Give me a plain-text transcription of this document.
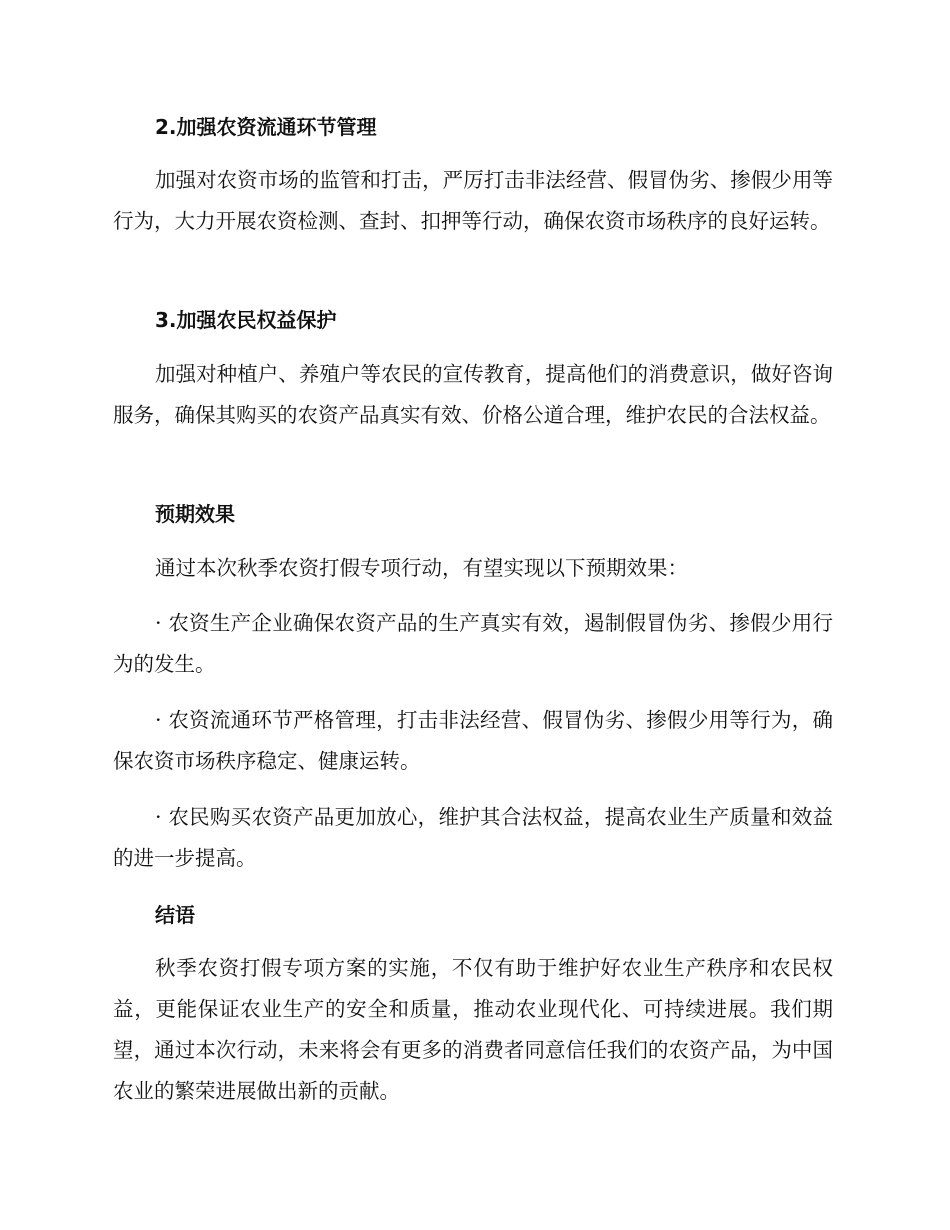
2.加强农资流通环节管理

加强对农资市场的监管和打击，严厉打击非法经营、假冒伪劣、掺假少用等行为，大力开展农资检测、查封、扣押等行动，确保农资市场秩序的良好运转。

3.加强农民权益保护

加强对种植户、养殖户等农民的宣传教育，提高他们的消费意识，做好咨询服务，确保其购买的农资产品真实有效、价格公道合理，维护农民的合法权益。

预期效果

通过本次秋季农资打假专项行动，有望实现以下预期效果：

· 农资生产企业确保农资产品的生产真实有效，遏制假冒伪劣、掺假少用行为的发生。

· 农资流通环节严格管理，打击非法经营、假冒伪劣、掺假少用等行为，确保农资市场秩序稳定、健康运转。

· 农民购买农资产品更加放心，维护其合法权益，提高农业生产质量和效益的进一步提高。

结语

秋季农资打假专项方案的实施，不仅有助于维护好农业生产秩序和农民权益，更能保证农业生产的安全和质量，推动农业现代化、可持续进展。我们期望，通过本次行动，未来将会有更多的消费者同意信任我们的农资产品，为中国农业的繁荣进展做出新的贡献。
